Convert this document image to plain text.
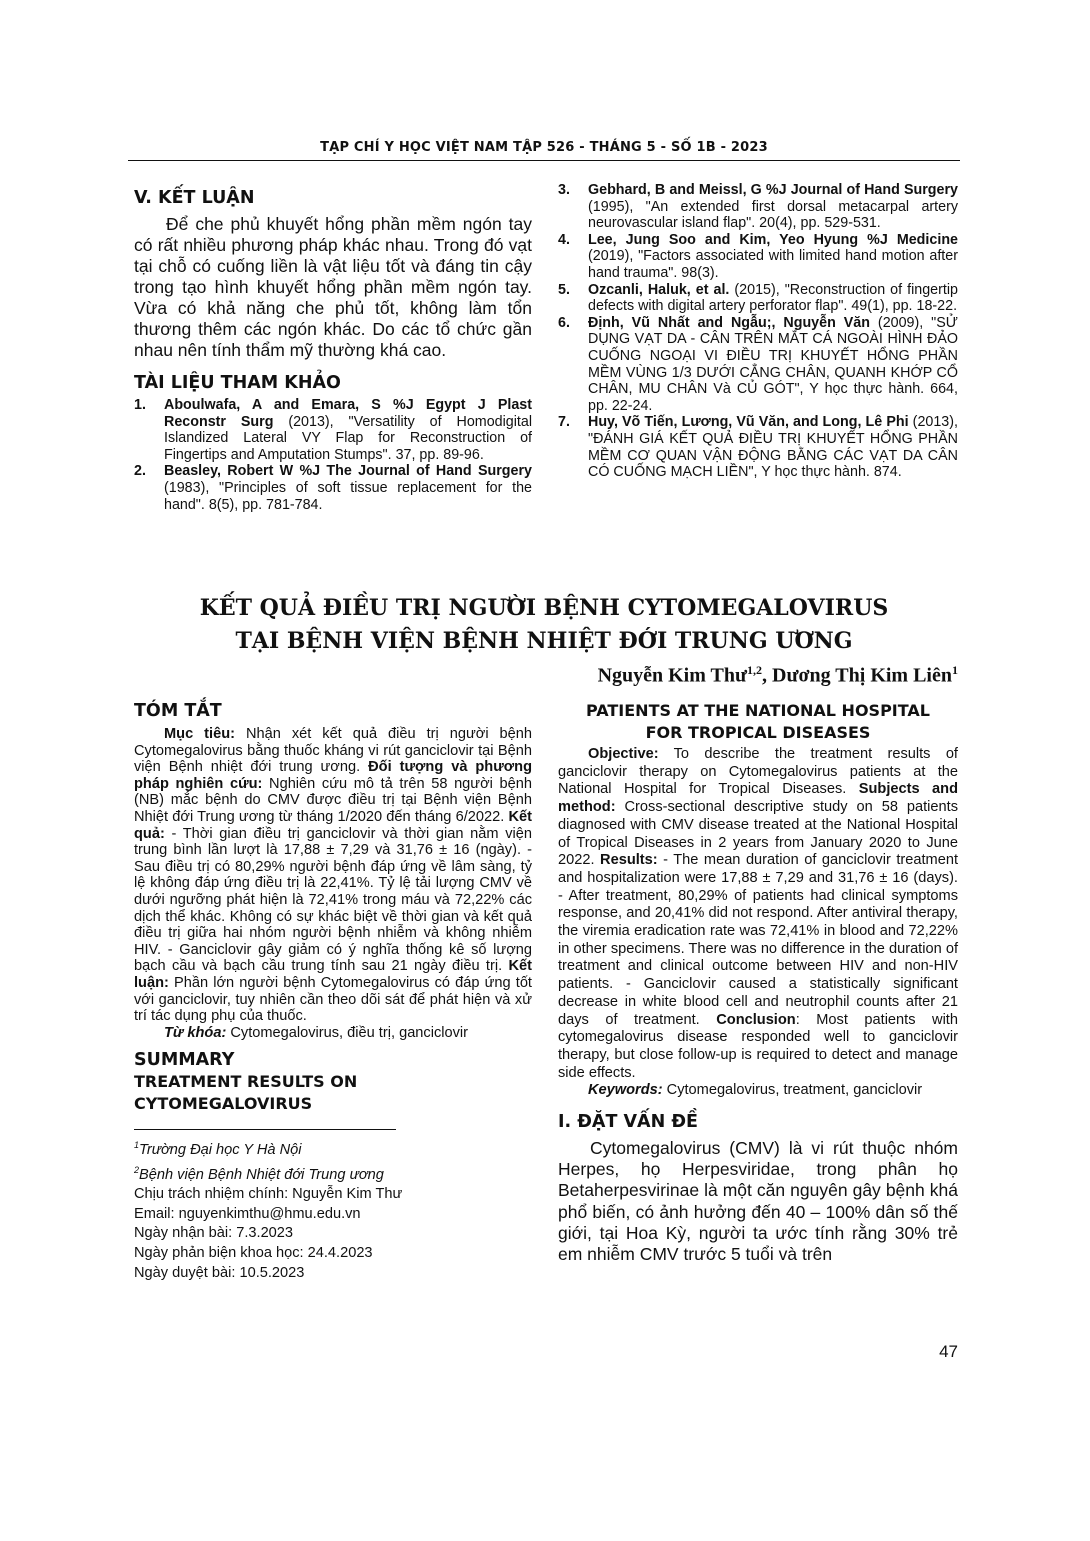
TẠP CHÍ Y HỌC VIỆT NAM TẬP 526 - THÁNG 5 - SỐ 1B - 2023
V. KẾT LUẬN

Để che phủ khuyết hổng phần mềm ngón tay có rất nhiều phương pháp khác nhau. Trong đó vạt tại chỗ có cuống liền là vật liệu tốt và đáng tin cậy trong tạo hình khuyết hổng phần mềm ngón tay. Vừa có khả năng che phủ tốt, không làm tổn thương thêm các ngón khác. Do các tổ chức gần nhau nên tính thẩm mỹ thường khá cao.

TÀI LIỆU THAM KHẢO
1. Aboulwafa, A and Emara, S %J Egypt J Plast Reconstr Surg (2013), "Versatility of Homodigital Islandized Lateral VY Flap for Reconstruction of Fingertips and Amputation Stumps". 37, pp. 89-96.
2. Beasley, Robert W %J The Journal of Hand Surgery (1983), "Principles of soft tissue replacement for the hand". 8(5), pp. 781-784.
3. Gebhard, B and Meissl, G %J Journal of Hand Surgery (1995), "An extended first dorsal metacarpal artery neurovascular island flap". 20(4), pp. 529-531.
4. Lee, Jung Soo and Kim, Yeo Hyung %J Medicine (2019), "Factors associated with limited hand motion after hand trauma". 98(3).
5. Ozcanli, Haluk, et al. (2015), "Reconstruction of fingertip defects with digital artery perforator flap". 49(1), pp. 18-22.
6. Định, Vũ Nhất and Ngẫu;, Nguyễn Văn (2009), "SỬ DỤNG VẠT DA - CÂN TRÊN MẮT CÁ NGOÀI HÌNH ĐẢO CUỐNG NGOẠI VI ĐIỀU TRỊ KHUYẾT HỔNG PHẦN MỀM VÙNG 1/3 DƯỚI CẲNG CHÂN, QUANH KHỚP CỔ CHÂN, MU CHÂN Và CỦ GÓT", Y học thực hành. 664, pp. 22-24.
7. Huy, Võ Tiến, Lương, Vũ Văn, and Long, Lê Phi (2013), "ĐÁNH GIÁ KẾT QUẢ ĐIỀU TRỊ KHUYẾT HỔNG PHẦN MỀM CƠ QUAN VẬN ĐỘNG BẰNG CÁC VẠT DA CÂN CÓ CUỐNG MẠCH LIỀN", Y học thực hành. 874.
KẾT QUẢ ĐIỀU TRỊ NGƯỜI BỆNH CYTOMEGALOVIRUS
TẠI BỆNH VIỆN BỆNH NHIỆT ĐỚI TRUNG ƯƠNG
Nguyễn Kim Thư$^{1,2}$, Dương Thị Kim Liên$^1$
TÓM TẮT

Mục tiêu: Nhận xét kết quả điều trị người bệnh Cytomegalovirus bằng thuốc kháng vi rút ganciclovir tại Bệnh viện Bệnh nhiệt đới trung ương. Đối tượng và phương pháp nghiên cứu: Nghiên cứu mô tả trên 58 người bệnh (NB) mắc bệnh do CMV được điều trị tại Bệnh viện Bệnh Nhiệt đới Trung ương từ tháng 1/2020 đến tháng 6/2022. Kết quả: - Thời gian điều trị ganciclovir và thời gian nằm viện trung bình lần lượt là 17,88 ± 7,29 và 31,76 ± 16 (ngày). - Sau điều trị có 80,29% người bệnh đáp ứng về lâm sàng, tỷ lệ không đáp ứng điều trị là 22,41%. Tỷ lệ tải lượng CMV về dưới ngưỡng phát hiện là 72,41% trong máu và 72,22% các dịch thể khác. Không có sự khác biệt về thời gian và kết quả điều trị giữa hai nhóm người bệnh nhiễm và không nhiễm HIV. - Ganciclovir gây giảm có ý nghĩa thống kê số lượng bạch cầu và bạch cầu trung tính sau 21 ngày điều trị. Kết luận: Phần lớn người bệnh Cytomegalovirus có đáp ứng tốt với ganciclovir, tuy nhiên cần theo dõi sát để phát hiện và xử trí tác dụng phụ của thuốc.

Từ khóa: Cytomegalovirus, điều trị, ganciclovir

SUMMARY
TREATMENT RESULTS ON CYTOMEGALOVIRUS
$^1$Trường Đại học Y Hà Nội
$^2$Bệnh viện Bệnh Nhiệt đới Trung ương
Chịu trách nhiệm chính: Nguyễn Kim Thư
Email: nguyenkimthu@hmu.edu.vn
Ngày nhận bài: 7.3.2023
Ngày phản biện khoa học: 24.4.2023
Ngày duyệt bài: 10.5.2023
PATIENTS AT THE NATIONAL HOSPITAL
FOR TROPICAL DISEASES

Objective: To describe the treatment results of ganciclovir therapy on Cytomegalovirus patients at the National Hospital for Tropical Diseases. Subjects and method: Cross-sectional descriptive study on 58 patients diagnosed with CMV disease treated at the National Hospital of Tropical Diseases in 2 years from January 2020 to June 2022. Results: - The mean duration of ganciclovir treatment and hospitalization were 17,88 ± 7,29 and 31,76 ± 16 (days). - After treatment, 80,29% of patients had clinical symptoms response, and 20,41% did not respond. After antiviral therapy, the viremia eradication rate was 72,41% in blood and 72,22% in other specimens. There was no difference in the duration of treatment and clinical outcome between HIV and non-HIV patients. - Ganciclovir caused a statistically significant decrease in white blood cell and neutrophil counts after 21 days of treatment. Conclusion: Most patients with cytomegalovirus disease responded well to ganciclovir therapy, but close follow-up is required to detect and manage side effects.

Keywords: Cytomegalovirus, treatment, ganciclovir

I. ĐẶT VẤN ĐỀ

Cytomegalovirus (CMV) là vi rút thuộc nhóm Herpes, họ Herpesviridae, trong phân họ Betaherpesvirinae là một căn nguyên gây bệnh khá phổ biến, có ảnh hưởng đến 40 – 100% dân số thế giới, tại Hoa Kỳ, người ta ước tính rằng 30% trẻ em nhiễm CMV trước 5 tuổi và trên

47
